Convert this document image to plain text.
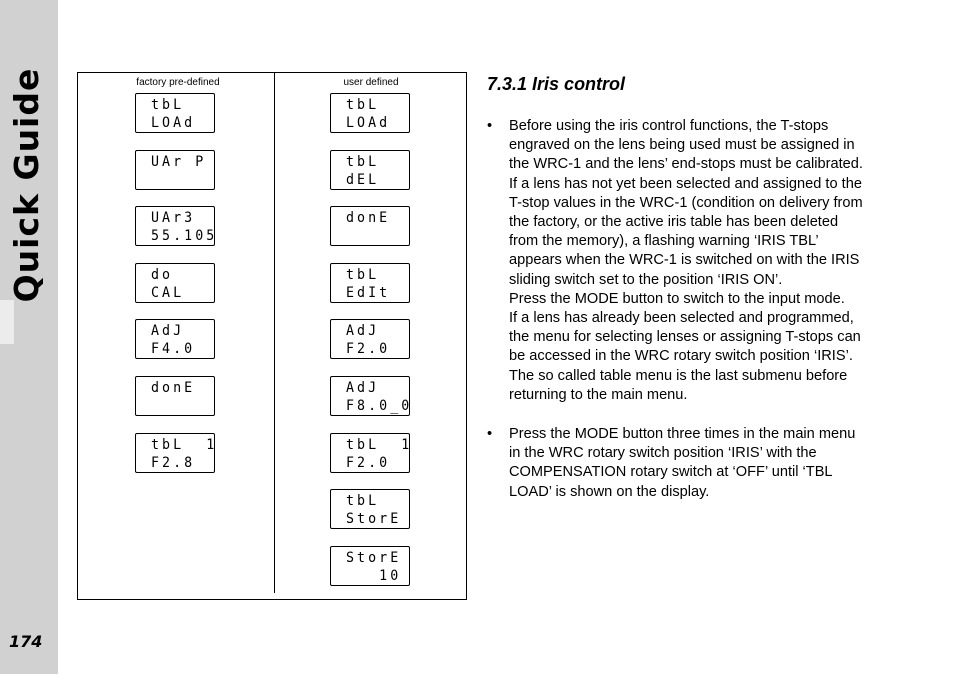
Quick Guide
174
factory pre-defined	user defined
tbL
LOAd
UAr P
UAr3
55.105
do
CAL
AdJ
F4.0
donE
tbL  1
F2.8
tbL
LOAd
tbL
dEL
donE
tbL
EdIt
AdJ
F2.0
AdJ
F8.0_0
tbL  1
F2.0
tbL
StorE
StorE
10
7.3.1 Iris control
• Before using the iris control functions, the T-stops
engraved on the lens being used must be assigned in
the WRC-1 and the lens’ end-stops must be calibrated.
If a lens has not yet been selected and assigned to the
T-stop values in the WRC-1 (condition on delivery from
the factory, or the active iris table has been deleted
from the memory), a flashing warning ‘IRIS TBL’
appears when the WRC-1 is switched on with the IRIS
sliding switch set to the position ‘IRIS ON’.
Press the MODE button to switch to the input mode.
If a lens has already been selected and programmed,
the menu for selecting lenses or assigning T-stops can
be accessed in the WRC rotary switch position ‘IRIS’.
The so called table menu is the last submenu before
returning to the main menu.
• Press the MODE button three times in the main menu
in the WRC rotary switch position ‘IRIS’ with the
COMPENSATION rotary switch at ‘OFF’ until ‘TBL
LOAD’ is shown on the display.
